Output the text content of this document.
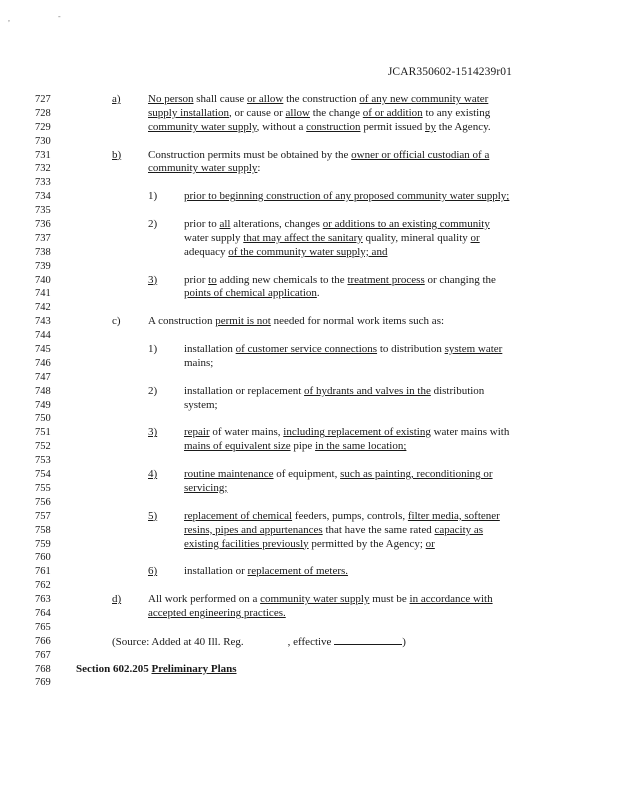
,	-
JCAR350602-1514239r01
727	a) No person shall cause or allow the construction of any new community water
728	supply installation, or cause or allow the change of or addition to any existing
729	community water supply, without a construction permit issued by the Agency.
730
731	b) Construction permits must be obtained by the owner or official custodian of a
732	community water supply:
733
734	1) prior to beginning construction of any proposed community water supply;
735
736	2) prior to all alterations, changes or additions to an existing community
737	water supply that may affect the sanitary quality, mineral quality or
738	adequacy of the community water supply; and
739
740	3) prior to adding new chemicals to the treatment process or changing the
741	points of chemical application.
742
743	c) A construction permit is not needed for normal work items such as:
744
745	1) installation of customer service connections to distribution system water
746	mains;
747
748	2) installation or replacement of hydrants and valves in the distribution
749	system;
750
751	3) repair of water mains, including replacement of existing water mains with
752	mains of equivalent size pipe in the same location;
753
754	4) routine maintenance of equipment, such as painting, reconditioning or
755	servicing;
756
757	5) replacement of chemical feeders, pumps, controls, filter media, softener
758	resins, pipes and appurtenances that have the same rated capacity as
759	existing facilities previously permitted by the Agency; or
760
761	6) installation or replacement of meters.
762
763	d) All work performed on a community water supply must be in accordance with
764	accepted engineering practices.
765
766	(Source: Added at 40 Ill. Reg.	, effective	)
767
768	Section 602.205 Preliminary Plans
769
